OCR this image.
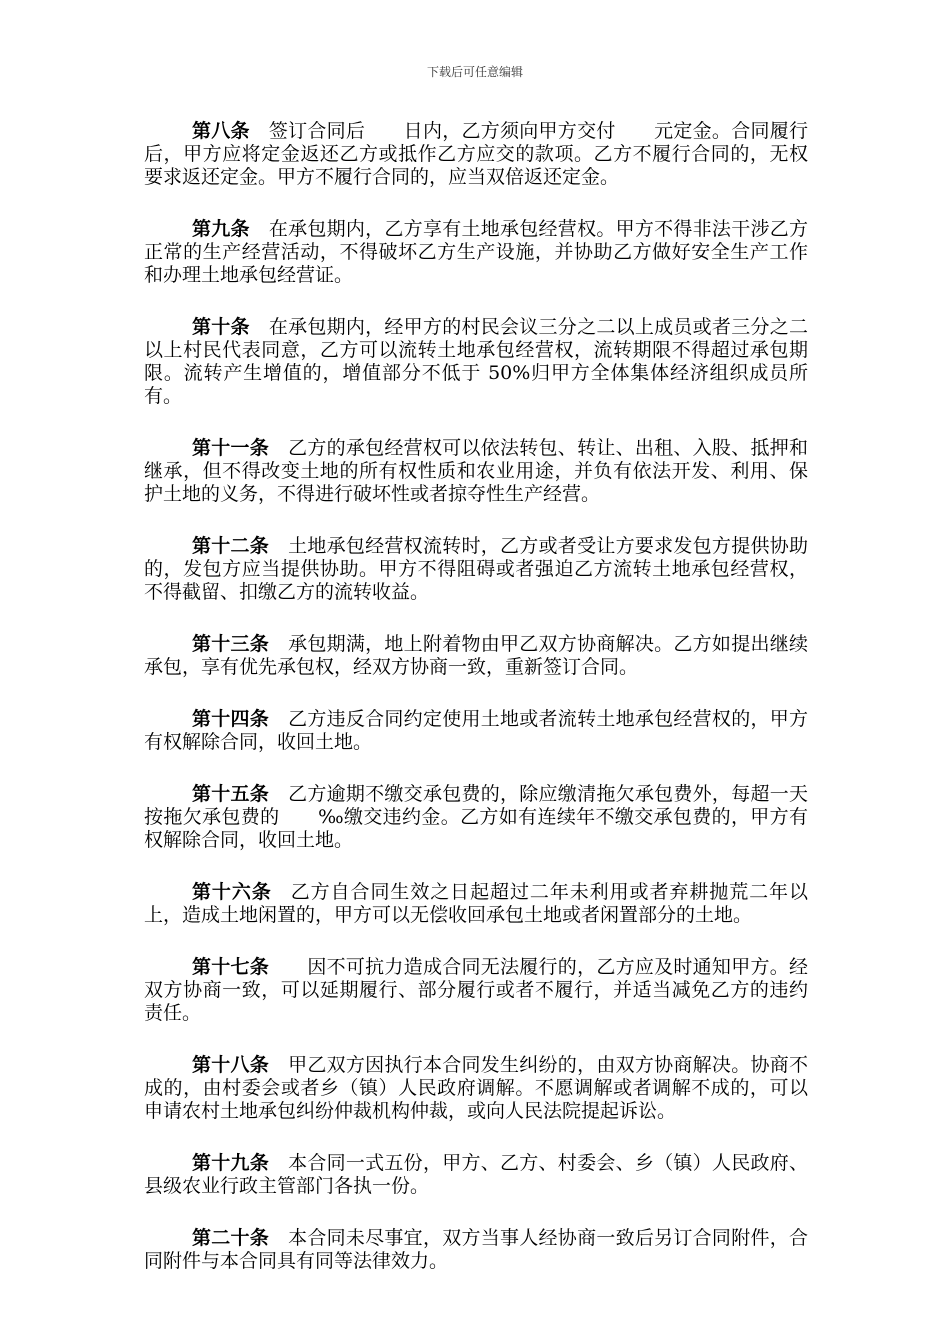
下载后可任意编辑

第八条 签订合同后　　日内，乙方须向甲方交付　　元定金。合同履行后，甲方应将定金返还乙方或抵作乙方应交的款项。乙方不履行合同的，无权要求返还定金。甲方不履行合同的，应当双倍返还定金。

第九条 在承包期内，乙方享有土地承包经营权。甲方不得非法干涉乙方正常的生产经营活动，不得破坏乙方生产设施，并协助乙方做好安全生产工作和办理土地承包经营证。

第十条 在承包期内，经甲方的村民会议三分之二以上成员或者三分之二以上村民代表同意，乙方可以流转土地承包经营权，流转期限不得超过承包期限。流转产生增值的，增值部分不低于 50%归甲方全体集体经济组织成员所有。

第十一条 乙方的承包经营权可以依法转包、转让、出租、入股、抵押和继承，但不得改变土地的所有权性质和农业用途，并负有依法开发、利用、保护土地的义务，不得进行破坏性或者掠夺性生产经营。

第十二条 土地承包经营权流转时，乙方或者受让方要求发包方提供协助的，发包方应当提供协助。甲方不得阻碍或者强迫乙方流转土地承包经营权，不得截留、扣缴乙方的流转收益。

第十三条 承包期满，地上附着物由甲乙双方协商解决。乙方如提出继续承包，享有优先承包权，经双方协商一致，重新签订合同。

第十四条 乙方违反合同约定使用土地或者流转土地承包经营权的，甲方有权解除合同，收回土地。

第十五条 乙方逾期不缴交承包费的，除应缴清拖欠承包费外，每超一天按拖欠承包费的　　‰缴交违约金。乙方如有连续年不缴交承包费的，甲方有权解除合同，收回土地。

第十六条 乙方自合同生效之日起超过二年未利用或者弃耕抛荒二年以上，造成土地闲置的，甲方可以无偿收回承包土地或者闲置部分的土地。

第十七条　因不可抗力造成合同无法履行的，乙方应及时通知甲方。经双方协商一致，可以延期履行、部分履行或者不履行，并适当减免乙方的违约责任。

第十八条 甲乙双方因执行本合同发生纠纷的，由双方协商解决。协商不成的，由村委会或者乡（镇）人民政府调解。不愿调解或者调解不成的，可以申请农村土地承包纠纷仲裁机构仲裁，或向人民法院提起诉讼。

第十九条 本合同一式五份，甲方、乙方、村委会、乡（镇）人民政府、县级农业行政主管部门各执一份。

第二十条 本合同未尽事宜，双方当事人经协商一致后另订合同附件，合同附件与本合同具有同等法律效力。
